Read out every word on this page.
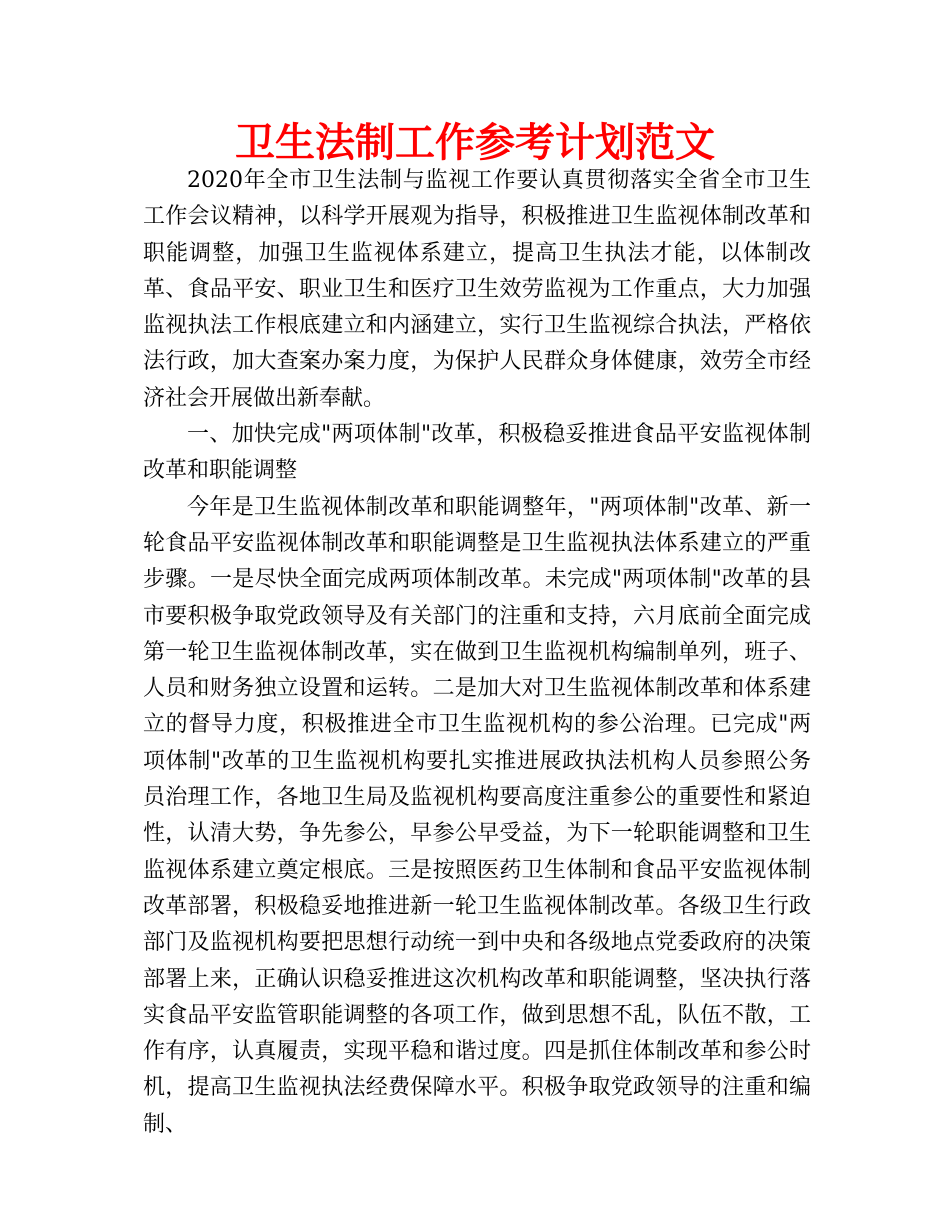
卫生法制工作参考计划范文

2020年全市卫生法制与监视工作要认真贯彻落实全省全市卫生工作会议精神，以科学开展观为指导，积极推进卫生监视体制改革和职能调整，加强卫生监视体系建立，提高卫生执法才能，以体制改革、食品平安、职业卫生和医疗卫生效劳监视为工作重点，大力加强监视执法工作根底建立和内涵建立，实行卫生监视综合执法，严格依法行政，加大查案办案力度，为保护人民群众身体健康，效劳全市经济社会开展做出新奉献。

一、加快完成"两项体制"改革，积极稳妥推进食品平安监视体制改革和职能调整

今年是卫生监视体制改革和职能调整年，"两项体制"改革、新一轮食品平安监视体制改革和职能调整是卫生监视执法体系建立的严重步骤。一是尽快全面完成两项体制改革。未完成"两项体制"改革的县市要积极争取党政领导及有关部门的注重和支持，六月底前全面完成第一轮卫生监视体制改革，实在做到卫生监视机构编制单列，班子、人员和财务独立设置和运转。二是加大对卫生监视体制改革和体系建立的督导力度，积极推进全市卫生监视机构的参公治理。已完成"两项体制"改革的卫生监视机构要扎实推进展政执法机构人员参照公务员治理工作，各地卫生局及监视机构要高度注重参公的重要性和紧迫性，认清大势，争先参公，早参公早受益，为下一轮职能调整和卫生监视体系建立奠定根底。三是按照医药卫生体制和食品平安监视体制改革部署，积极稳妥地推进新一轮卫生监视体制改革。各级卫生行政部门及监视机构要把思想行动统一到中央和各级地点党委政府的决策部署上来，正确认识稳妥推进这次机构改革和职能调整，坚决执行落实食品平安监管职能调整的各项工作，做到思想不乱，队伍不散，工作有序，认真履责，实现平稳和谐过度。四是抓住体制改革和参公时机，提高卫生监视执法经费保障水平。积极争取党政领导的注重和编制、
